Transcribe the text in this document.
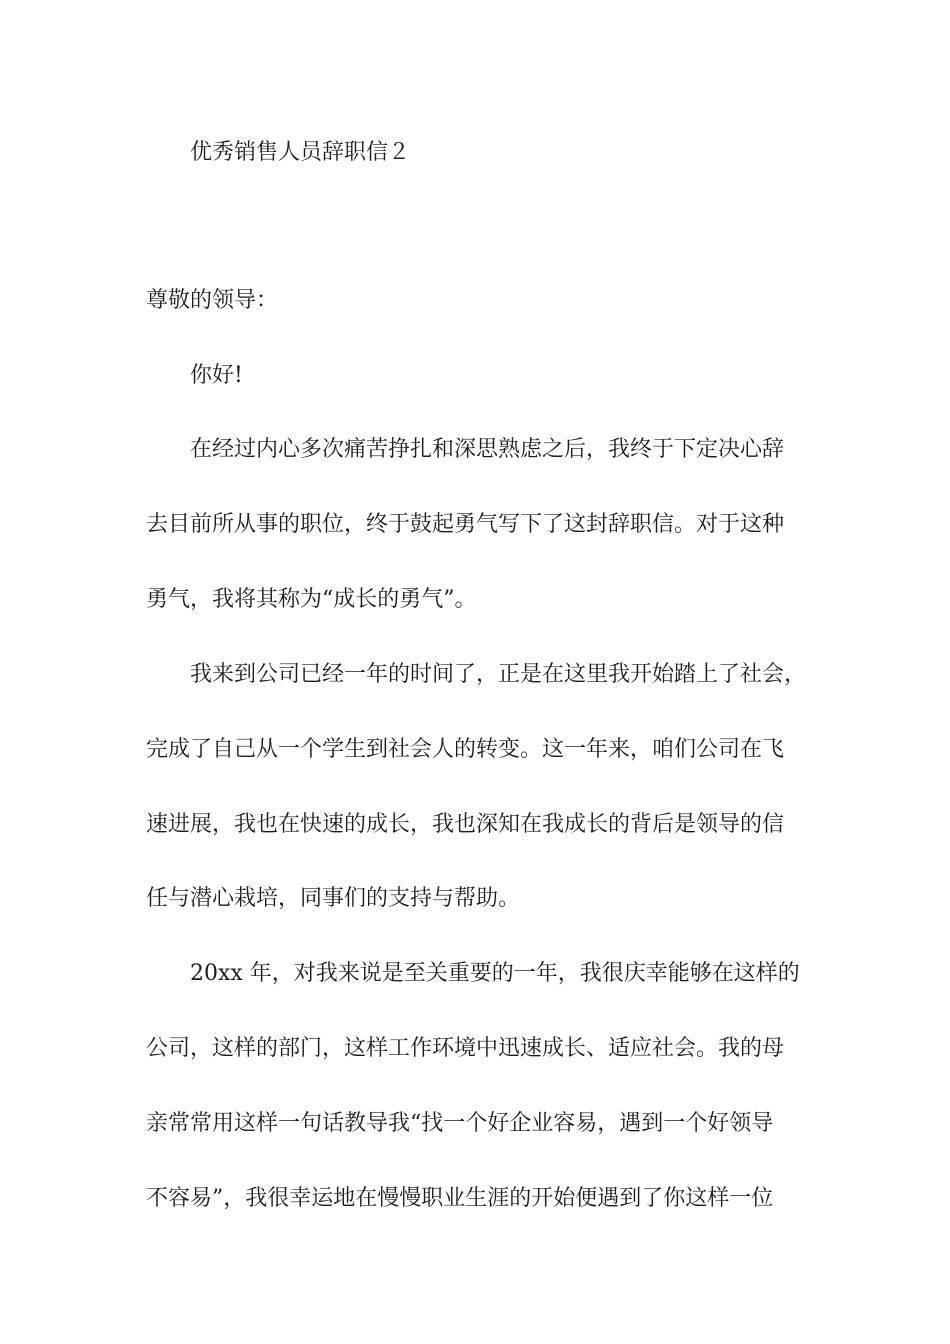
优秀销售人员辞职信２
尊敬的领导：
你好!
在经过内心多次痛苦挣扎和深思熟虑之后，我终于下定决心辞
去目前所从事的职位，终于鼓起勇气写下了这封辞职信。对于这种
勇气，我将其称为“成长的勇气”。
我来到公司已经一年的时间了，正是在这里我开始踏上了社会，
完成了自己从一个学生到社会人的转变。这一年来，咱们公司在飞
速进展，我也在快速的成长，我也深知在我成长的背后是领导的信
任与潜心栽培，同事们的支持与帮助。
20xx 年，对我来说是至关重要的一年，我很庆幸能够在这样的
公司，这样的部门，这样工作环境中迅速成长、适应社会。我的母
亲常常用这样一句话教导我“找一个好企业容易，遇到一个好领导
不容易”，我很幸运地在慢慢职业生涯的开始便遇到了你这样一位
